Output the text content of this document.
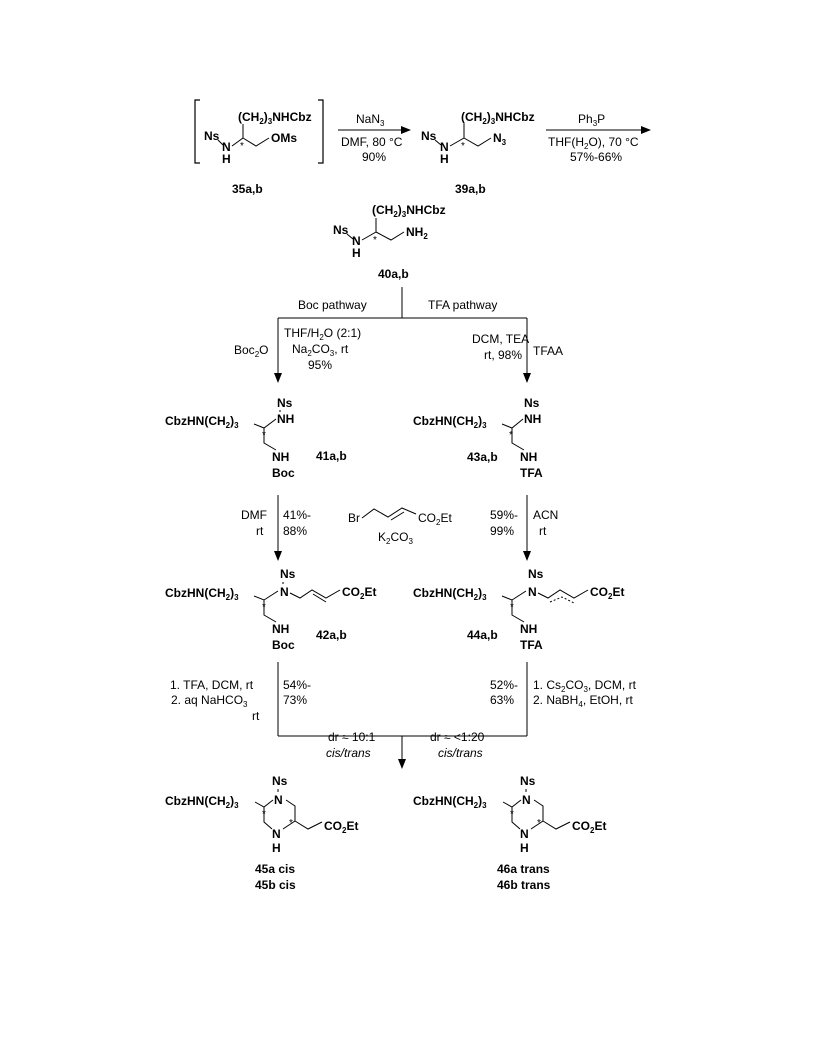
$(CH_2)_3NHCbz$
Ns
N
H
*
OMs
35a,b
NaN$_3$
DMF, 80 °C
90%
$(CH_2)_3NHCbz$
Ns
N
H
*
$N_3$
39a,b
$Ph_3P$
$THF(H_2O)$, 70 °C
57%-66%
$(CH_2)_3NHCbz$
Ns
N
H
*
$NH_2$
40a,b
Boc pathway	TFA pathway
Boc$_2$O
THF/$H_2O$ (2:1)
$Na_2CO_3$, rt
95%
DCM, TEA
rt, 98% TFAA
$CbzHN(CH_2)_3$
Ns
NH
*
NH
Boc
41a,b
$CbzHN(CH_2)_3$
Ns
NH
*
NH
TFA
43a,b
DMF
rt
41%-
88%
59%-
99%
ACN
rt
Br	$CO_2Et$
$K_2CO_3$
$CbzHN(CH_2)_3$
Ns
N
*
$CO_2Et$
NH
Boc
42a,b
$CbzHN(CH_2)_3$
Ns
N
*
$CO_2Et$
NH
TFA
44a,b
1. TFA, DCM, rt
2. aq NaHCO$_3$
rt
54%-
73%
52%-
63%
1. $Cs_2CO_3$, DCM, rt
2. NaBH$_4$, EtOH, rt
dr ≈ 10:1
cis/trans
dr ≈ <1:20
cis/trans
$CbzHN(CH_2)_3$
Ns
N
N
H
*
*	$CO_2Et$
45a cis
45b cis
$CbzHN(CH_2)_3$
Ns
N
N
H
*
*	$CO_2Et$
46a trans
46b trans
